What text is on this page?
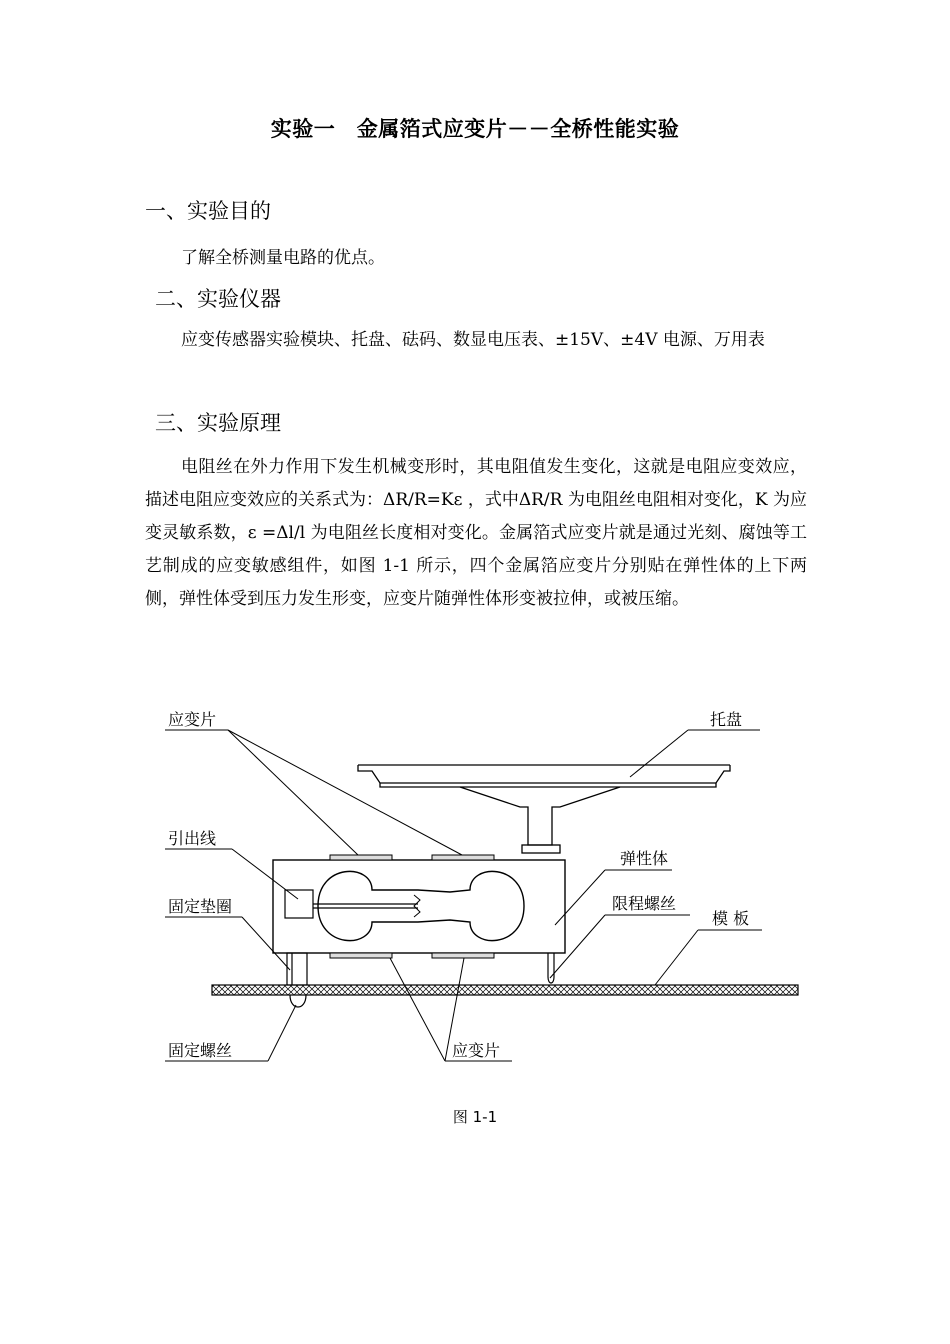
实验一　金属箔式应变片－－全桥性能实验
一、实验目的
了解全桥测量电路的优点。
二、实验仪器
应变传感器实验模块、托盘、砝码、数显电压表、±15V、±4V 电源、万用表
三、实验原理
电阻丝在外力作用下发生机械变形时，其电阻值发生变化，这就是电阻应变效应，描述电阻应变效应的关系式为：ΔR/R=Kε ，式中ΔR/R 为电阻丝电阻相对变化，K 为应变灵敏系数，ε =Δl/l 为电阻丝长度相对变化。金属箔式应变片就是通过光刻、腐蚀等工艺制成的应变敏感组件，如图 1-1 所示，四个金属箔应变片分别贴在弹性体的上下两侧，弹性体受到压力发生形变，应变片随弹性体形变被拉伸，或被压缩。
应变片	托盘
引出线
弹性体
固定垫圈	限程螺丝
模 板
固定螺丝	应变片
图 1-1
